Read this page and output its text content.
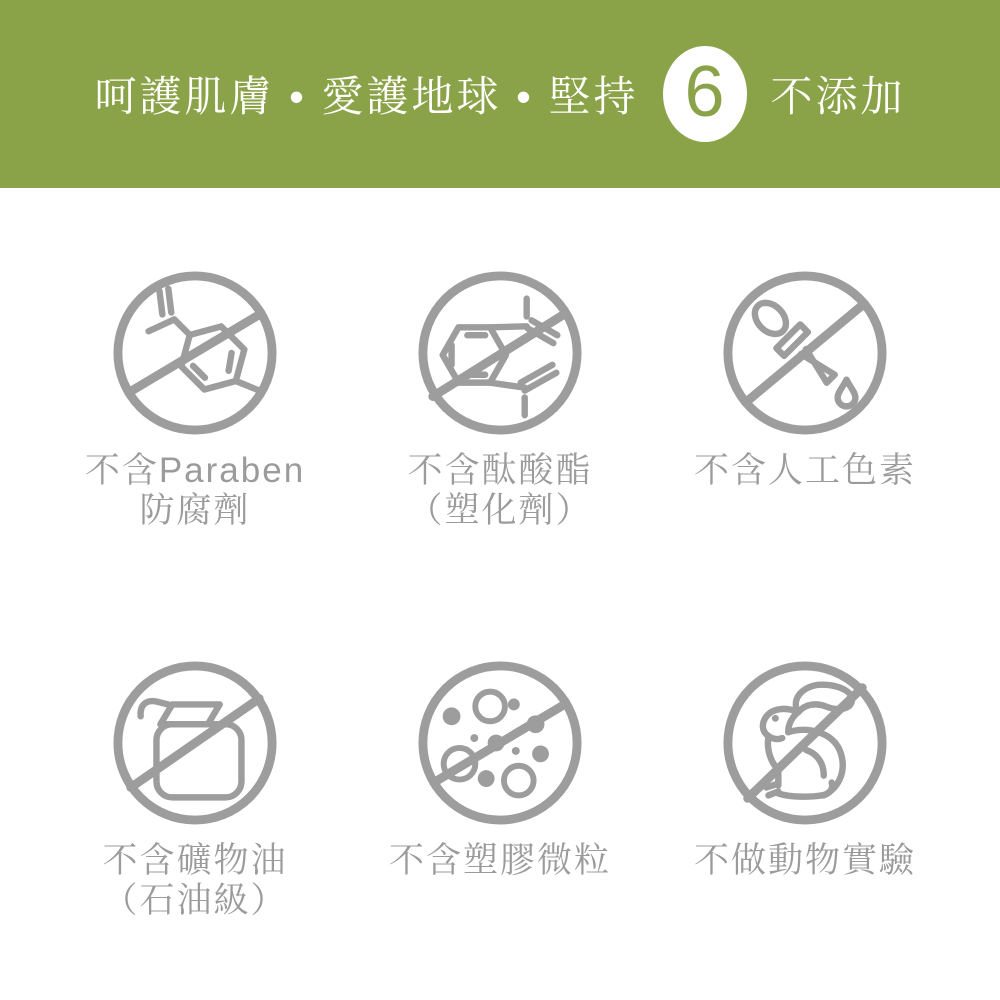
呵護肌膚 • 愛護地球 • 堅持 6 不添加
不含Paraben
防腐劑
不含酞酸酯
（塑化劑）
不含人工色素
不含礦物油
（石油級）
不含塑膠微粒 不做動物實驗
